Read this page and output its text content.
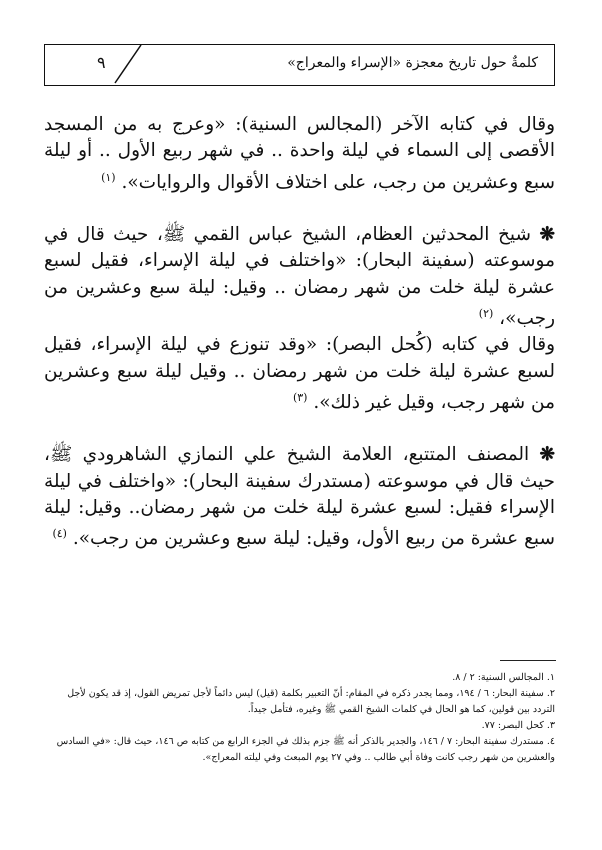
٩	كلمةٌ حول تاريخ معجزة «الإسراء والمعراج»

وقال في كتابه الآخر (المجالس السنية): «وعرج به من المسجد الأقصى إلى السماء في ليلة واحدة .. في شهر ربيع الأول .. أو ليلة سبع وعشرين من رجب، على اختلاف الأقوال والروايات». $^{(١)}$

❋ شيخ المحدثين العظام، الشيخ عباس القمي ﷺ، حيث قال في موسوعته (سفينة البحار): «واختلف في ليلة الإسراء، فقيل لسبع عشرة ليلة خلت من شهر رمضان .. وقيل: ليلة سبع وعشرين من رجب»، $^{(٢)}$

وقال في كتابه (كُحل البصر): «وقد تنوزع في ليلة الإسراء، فقيل لسبع عشرة ليلة خلت من شهر رمضان .. وقيل ليلة سبع وعشرين من شهر رجب، وقيل غير ذلك». $^{(٣)}$

❋ المصنف المتتبع، العلامة الشيخ علي النمازي الشاهرودي ﷺ، حيث قال في موسوعته (مستدرك سفينة البحار): «واختلف في ليلة الإسراء فقيل: لسبع عشرة ليلة خلت من شهر رمضان.. وقيل: ليلة سبع عشرة من ربيع الأول، وقيل: ليلة سبع وعشرين من رجب». $^{(٤)}$

١. المجالس السنية: ٢ / ٨.

٢. سفينة البحار: ٦ / ١٩٤، ومما يجدر ذكره في المقام: أنّ التعبير بكلمة (قيل) ليس دائماً لأجل تمريض القول، إذ قد يكون لأجل التردد بين قولين، كما هو الحال في كلمات الشيخ القمي ﷺ وغيره، فتأمل جيداً.

٣. كحل البصر: ٧٧.

٤. مستدرك سفينة البحار: ٧ / ١٤٦، والجدير بالذكر أنه ﷺ جزم بذلك في الجزء الرابع من كتابه ص ١٤٦، حيث قال: «في السادس والعشرين من شهر رجب كانت وفاة أبي طالب .. وفي ٢٧ يوم المبعث وفي ليلته المعراج».
